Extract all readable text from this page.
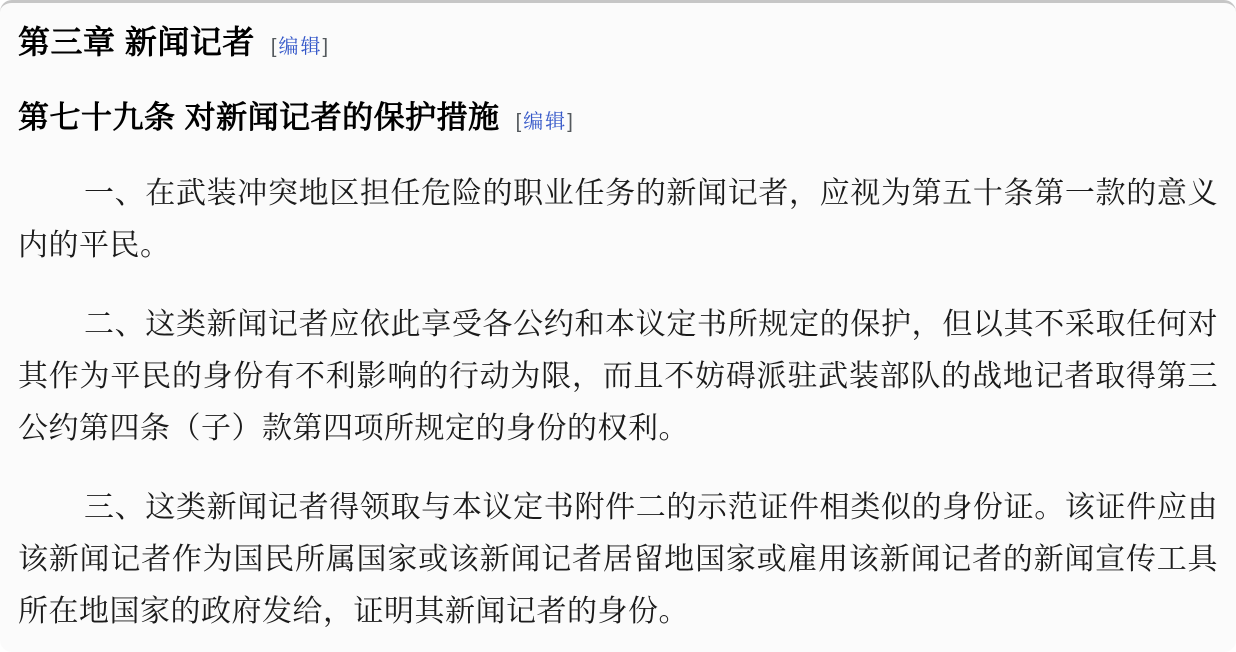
第三章 新闻记者 [编辑]
第七十九条 对新闻记者的保护措施 [编辑]

一、在武装冲突地区担任危险的职业任务的新闻记者，应视为第五十条第一款的意义内的平民。

二、这类新闻记者应依此享受各公约和本议定书所规定的保护，但以其不采取任何对其作为平民的身份有不利影响的行动为限，而且不妨碍派驻武装部队的战地记者取得第三公约第四条（子）款第四项所规定的身份的权利。

三、这类新闻记者得领取与本议定书附件二的示范证件相类似的身份证。该证件应由该新闻记者作为国民所属国家或该新闻记者居留地国家或雇用该新闻记者的新闻宣传工具所在地国家的政府发给，证明其新闻记者的身份。
